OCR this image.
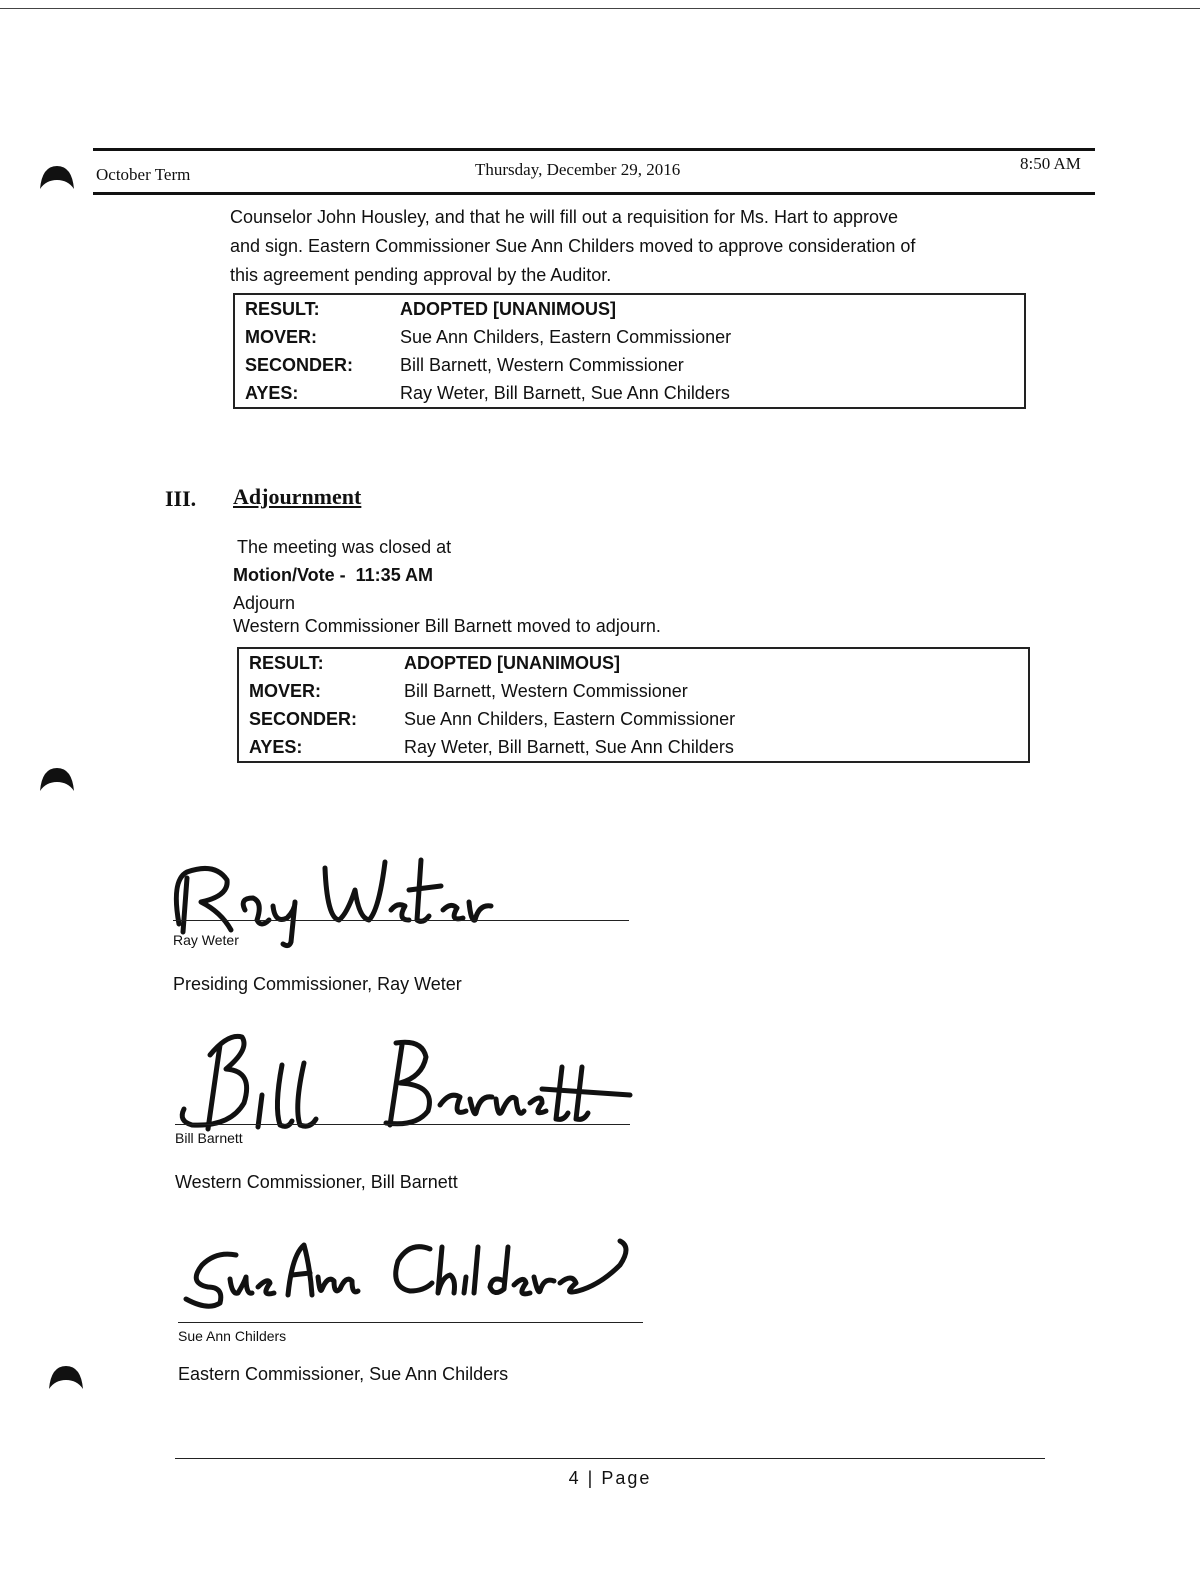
October Term	Thursday, December 29, 2016	8:50 AM
Counselor John Housley, and that he will fill out a requisition for Ms. Hart to approve
and sign. Eastern Commissioner Sue Ann Childers moved to approve consideration of
this agreement pending approval by the Auditor.
RESULT:	ADOPTED [UNANIMOUS]
MOVER:	Sue Ann Childers, Eastern Commissioner
SECONDER:	Bill Barnett, Western Commissioner
AYES:	Ray Weter, Bill Barnett, Sue Ann Childers
III. Adjournment
The meeting was closed at
Motion/Vote - 11:35 AM
Adjourn
Western Commissioner Bill Barnett moved to adjourn.
RESULT:	ADOPTED [UNANIMOUS]
MOVER:	Bill Barnett, Western Commissioner
SECONDER:	Sue Ann Childers, Eastern Commissioner
AYES:	Ray Weter, Bill Barnett, Sue Ann Childers
Ray Weter
Presiding Commissioner, Ray Weter
Bill Barnett
Western Commissioner, Bill Barnett
Sue Ann Childers
Eastern Commissioner, Sue Ann Childers
4 | Page
